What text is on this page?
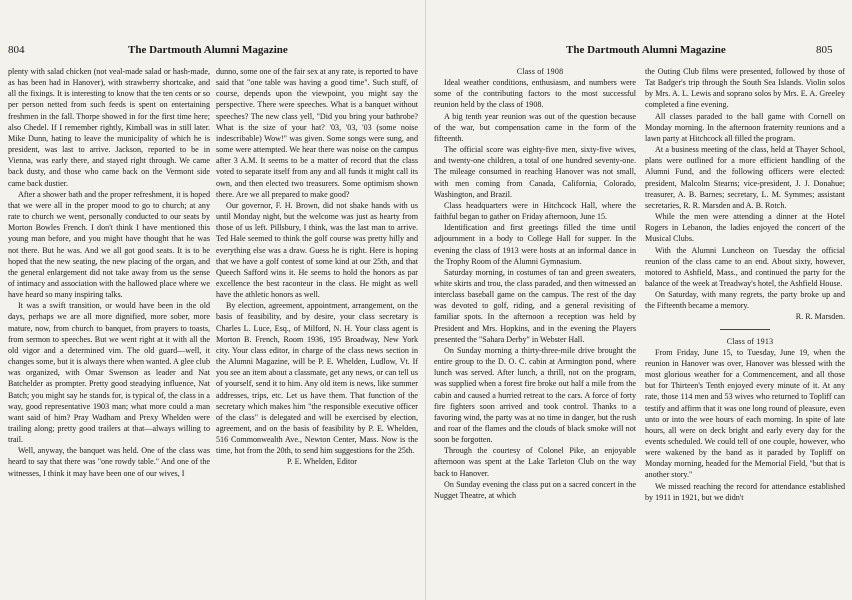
804	The Dartmouth Alumni Magazine

plenty with salad chicken (not veal-made salad or hash-made, as has been had in Hanover), with strawberry shortcake, and all the fixings. It is interesting to know that the ten cents or so per person netted from such feeds is spent on entertaining freshmen in the fall. Thorpe showed in for the first time here; also Chedel. If I remember rightly, Kimball was in still later. Mike Dunn, hating to leave the municipality of which he is president, was last to arrive. Jackson, reported to be in Vienna, was early there, and stayed right through. We came back dusty, and those who came back on the Vermont side came back dustier.

After a shower bath and the proper refreshment, it is hoped that we were all in the proper mood to go to church; at any rate to church we went, personally conducted to our seats by Morton Bowles French. I don't think I have mentioned this young man before, and you might have thought that he was not there. But he was. And we all got good seats. It is to be hoped that the new seating, the new placing of the organ, and the general enlargement did not take away from us the sense of intimacy and association with the hallowed place where we have heard so many inspiring talks.

It was a swift transition, or would have been in the old days, perhaps we are all more dignified, more sober, more mature, now, from church to banquet, from prayers to toasts, from sermon to speeches. But we went right at it with all the old vigor and a determined vim. The old guard—well, it changes some, but it is always there when wanted. A glee club was organized, with Omar Swenson as leader and Nat Batchelder as prompter. Pretty good steadying influence, Nat Batch; you might say he stands for, is typical of, the class in a way, good representative 1903 man; what more could a man want said of him? Pray Wadham and Prexy Whelden were trailing along; pretty good trailers at that—always willing to trail.

Well, anyway, the banquet was held. One of the class was heard to say that there was "one rowdy table." And one of the witnesses, I think it may have been one of our wives, I

dunno, some one of the fair sex at any rate, is reported to have said that "one table was having a good time". Such stuff, of course, depends upon the viewpoint, you might say the perspective. There were speeches. What is a banquet without speeches? The new class yell, "Did you bring your bathrobe? What is the size of your hat? '03, '03, '03 (some noise indescribable) Wow!" was given. Some songs were sung, and some were attempted. We hear there was noise on the campus after 3 A.M. It seems to be a matter of record that the class voted to separate itself from any and all funds it might call its own, and then elected two treasurers. Some optimism shown there. Are we all prepared to make good?

Our governor, F. H. Brown, did not shake hands with us until Monday night, but the welcome was just as hearty from those of us left. Pillsbury, I think, was the last man to arrive. Ted Hale seemed to think the golf course was pretty hilly and everything else was a draw. Guess he is right. Here is hoping that we have a golf contest of some kind at our 25th, and that Queech Safford wins it. He seems to hold the honors as par excellence the best raconteur in the class. He might as well have the athletic honors as well.

By election, agreement, appointment, arrangement, on the basis of feasibility, and by desire, your class secretary is Charles L. Luce, Esq., of Milford, N. H. Your class agent is Morton B. French, Room 1936, 195 Broadway, New York city. Your class editor, in charge of the class news section in the Alumni Magazine, will be P. E. Whelden, Ludlow, Vt. If you see an item about a classmate, get any news, or can tell us of yourself, send it to him. Any old item is news, like summer addresses, trips, etc. Let us have them. That function of the secretary which makes him "the responsible executive officer of the class" is delegated and will be exercised by election, agreement, and on the basis of feasibility by P. E. Whelden, 516 Commonwealth Ave., Newton Center, Mass. Now is the time, hot from the 20th, to send him suggestions for the 25th.

P. E. Whelden, Editor

The Dartmouth Alumni Magazine	805

Class of 1908

Ideal weather conditions, enthusiasm, and numbers were some of the contributing factors to the most successful reunion held by the class of 1908.

A big tenth year reunion was out of the question because of the war, but compensation came in the form of the fifteenth.

The official score was eighty-five men, sixty-five wives, and twenty-one children, a total of one hundred seventy-one. The mileage consumed in reaching Hanover was not small, with men coming from Canada, California, Colorado, Washington, and Brazil.

Class headquarters were in Hitchcock Hall, where the faithful began to gather on Friday afternoon, June 15.

Identification and first greetings filled the time until adjournment in a body to College Hall for supper. In the evening the class of 1913 were hosts at an informal dance in the Trophy Room of the Alumni Gymnasium.

Saturday morning, in costumes of tan and green sweaters, white skirts and trou, the class paraded, and then witnessed an interclass baseball game on the campus. The rest of the day was devoted to golf, riding, and a general revisiting of familiar spots. In the afternoon a reception was held by President and Mrs. Hopkins, and in the evening the Players presented the "Sahara Derby" in Webster Hall.

On Sunday morning a thirty-three-mile drive brought the entire group to the D. O. C. cabin at Armington pond, where lunch was served. After lunch, a thrill, not on the program, was supplied when a forest fire broke out half a mile from the cabin and caused a hurried retreat to the cars. A force of forty fire fighters soon arrived and took control. Thanks to a favoring wind, the party was at no time in danger, but the rush and roar of the flames and the clouds of black smoke will not soon be forgotten.

Through the courtesy of Colonel Pike, an enjoyable afternoon was spent at the Lake Tarleton Club on the way back to Hanover.

On Sunday evening the class put on a sacred concert in the Nugget Theatre, at which

the Outing Club films were presented, followed by those of Tat Badger's trip through the South Sea Islands. Violin solos by Mrs. A. L. Lewis and soprano solos by Mrs. E. A. Greeley completed a fine evening.

All classes paraded to the ball game with Cornell on Monday morning. In the afternoon fraternity reunions and a lawn party at Hitchcock all filled the program.

At a business meeting of the class, held at Thayer School, plans were outlined for a more efficient handling of the Alumni Fund, and the following officers were elected: president, Malcolm Stearns; vice-president, J. J. Donahue; treasurer, A. B. Barnes; secretary, L. M. Symmes; assistant secretaries, R. R. Marsden and A. B. Rotch.

While the men were attending a dinner at the Hotel Rogers in Lebanon, the ladies enjoyed the concert of the Musical Clubs.

With the Alumni Luncheon on Tuesday the official reunion of the class came to an end. About sixty, however, motored to Ashfield, Mass., and continued the party for the balance of the week at Treadway's hotel, the Ashfield House.

On Saturday, with many regrets, the party broke up and the Fifteenth became a memory.

R. R. Marsden.

Class of 1913

From Friday, June 15, to Tuesday, June 19, when the reunion in Hanover was over, Hanover was blessed with the most glorious weather for a Commencement, and all those but for Thirteen's Tenth enjoyed every minute of it. At any rate, those 114 men and 53 wives who returned to Topliff can testify and affirm that it was one long round of pleasure, even unto or into the wee hours of each morning. In spite of late hours, all were on deck bright and early every day for the events scheduled. We could tell of one couple, however, who were wakened by the band as it paraded by Topliff on Monday morning, headed for the Memorial Field, "but that is another story."

We missed reaching the record for attendance established by 1911 in 1921, but we didn't
